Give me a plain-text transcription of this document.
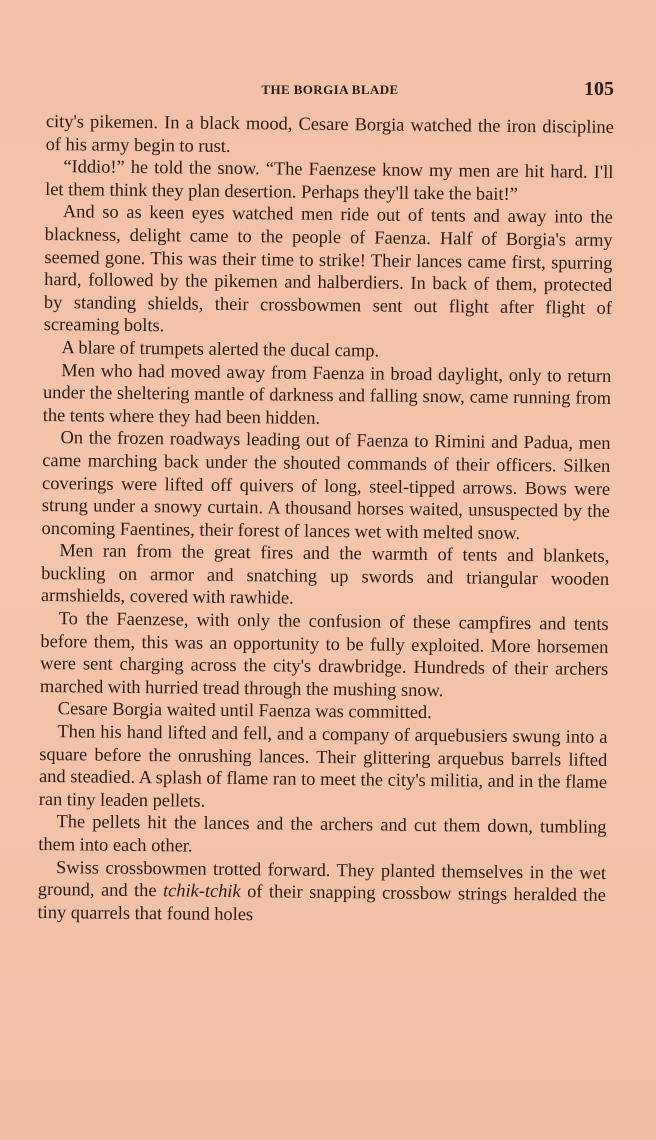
THE BORGIA BLADE	105

city's pikemen. In a black mood, Cesare Borgia watched the iron discipline of his army begin to rust.

“Iddio!” he told the snow. “The Faenzese know my men are hit hard. I'll let them think they plan desertion. Perhaps they'll take the bait!”

And so as keen eyes watched men ride out of tents and away into the blackness, delight came to the people of Faenza. Half of Borgia's army seemed gone. This was their time to strike! Their lances came first, spurring hard, followed by the pikemen and halberdiers. In back of them, protected by standing shields, their crossbowmen sent out flight after flight of screaming bolts.

A blare of trumpets alerted the ducal camp.

Men who had moved away from Faenza in broad daylight, only to return under the sheltering mantle of darkness and falling snow, came running from the tents where they had been hidden.

On the frozen roadways leading out of Faenza to Rimini and Padua, men came marching back under the shouted commands of their officers. Silken coverings were lifted off quivers of long, steel-tipped arrows. Bows were strung under a snowy curtain. A thousand horses waited, unsuspected by the oncoming Faentines, their forest of lances wet with melted snow.

Men ran from the great fires and the warmth of tents and blankets, buckling on armor and snatching up swords and triangular wooden armshields, covered with rawhide.

To the Faenzese, with only the confusion of these campfires and tents before them, this was an opportunity to be fully exploited. More horsemen were sent charging across the city's drawbridge. Hundreds of their archers marched with hurried tread through the mushing snow.

Cesare Borgia waited until Faenza was committed.

Then his hand lifted and fell, and a company of arquebusiers swung into a square before the onrushing lances. Their glittering arquebus barrels lifted and steadied. A splash of flame ran to meet the city's militia, and in the flame ran tiny leaden pellets.

The pellets hit the lances and the archers and cut them down, tumbling them into each other.

Swiss crossbowmen trotted forward. They planted themselves in the wet ground, and the tchik-tchik of their snapping crossbow strings heralded the tiny quarrels that found holes
